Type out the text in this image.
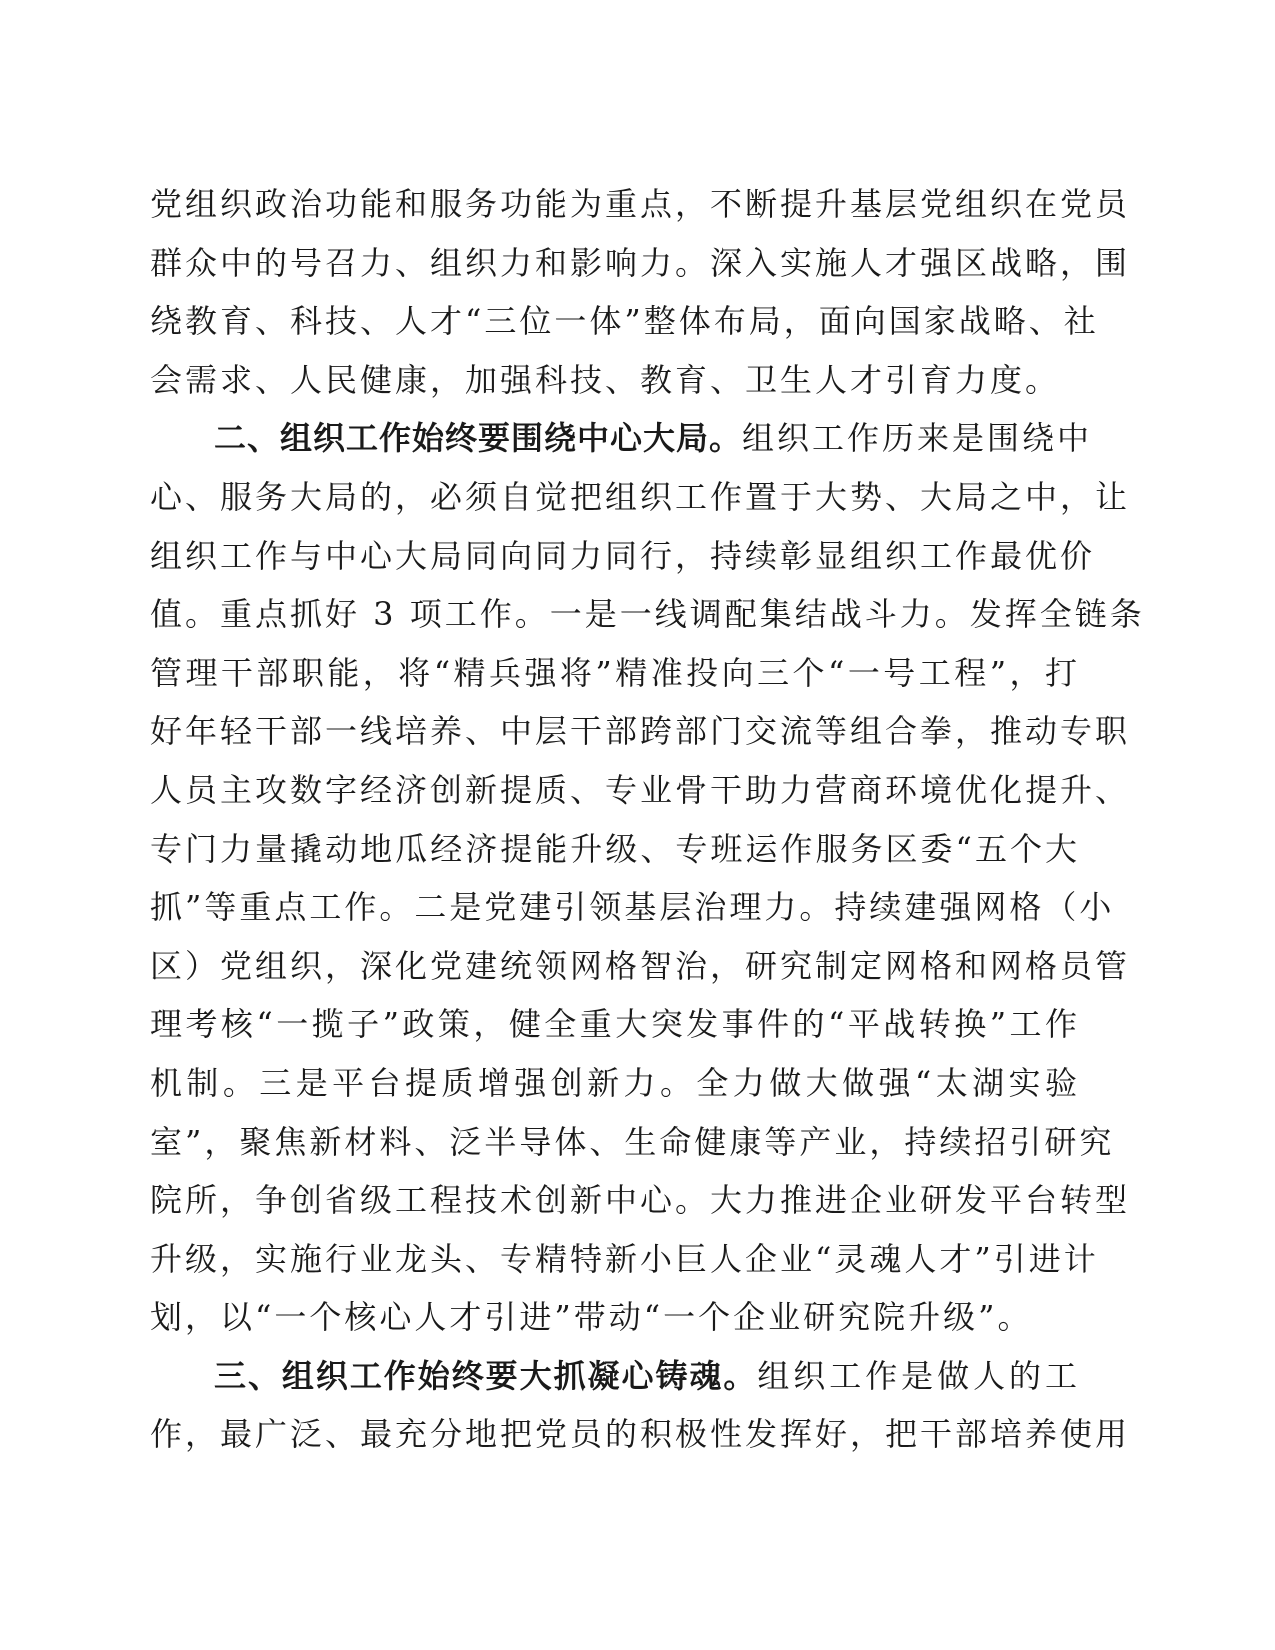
党组织政治功能和服务功能为重点，不断提升基层党组织在党员
群众中的号召力、组织力和影响力。深入实施人才强区战略，围
绕教育、科技、人才“三位一体”整体布局，面向国家战略、社
会需求、人民健康，加强科技、教育、卫生人才引育力度。
二、组织工作始终要围绕中心大局。组织工作历来是围绕中
心、服务大局的，必须自觉把组织工作置于大势、大局之中，让
组织工作与中心大局同向同力同行，持续彰显组织工作最优价
值。重点抓好 3 项工作。一是一线调配集结战斗力。发挥全链条
管理干部职能，将“精兵强将”精准投向三个“一号工程”，打
好年轻干部一线培养、中层干部跨部门交流等组合拳，推动专职
人员主攻数字经济创新提质、专业骨干助力营商环境优化提升、
专门力量撬动地瓜经济提能升级、专班运作服务区委“五个大
抓”等重点工作。二是党建引领基层治理力。持续建强网格（小
区）党组织，深化党建统领网格智治，研究制定网格和网格员管
理考核“一揽子”政策，健全重大突发事件的“平战转换”工作
机制。三是平台提质增强创新力。全力做大做强“太湖实验
室”，聚焦新材料、泛半导体、生命健康等产业，持续招引研究
院所，争创省级工程技术创新中心。大力推进企业研发平台转型
升级，实施行业龙头、专精特新小巨人企业“灵魂人才”引进计
划，以“一个核心人才引进”带动“一个企业研究院升级”。
三、组织工作始终要大抓凝心铸魂。组织工作是做人的工
作，最广泛、最充分地把党员的积极性发挥好，把干部培养使用
